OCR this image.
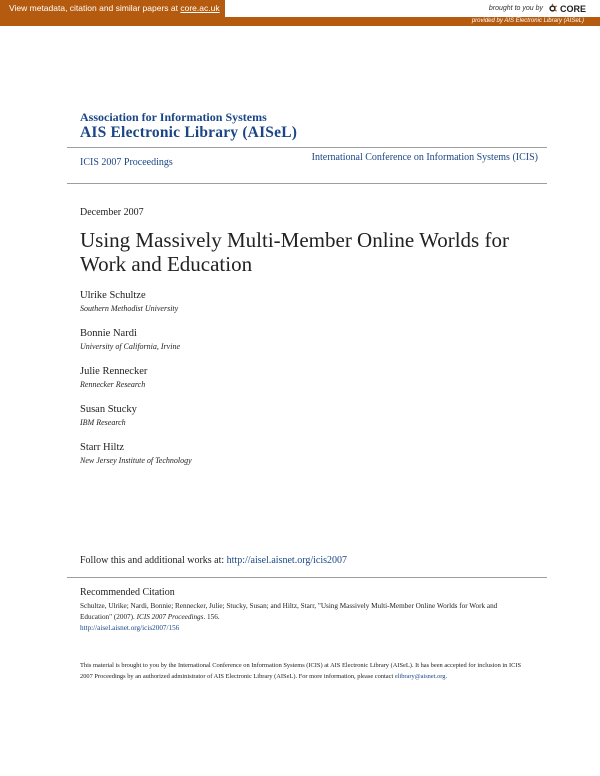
View metadata, citation and similar papers at core.ac.uk	brought to you by CORE
provided by AIS Electronic Library (AISeL)
Association for Information Systems
AIS Electronic Library (AISeL)
ICIS 2007 Proceedings	International Conference on Information Systems (ICIS)
December 2007
Using Massively Multi-Member Online Worlds for Work and Education
Ulrike Schultze
Southern Methodist University
Bonnie Nardi
University of California, Irvine
Julie Rennecker
Rennecker Research
Susan Stucky
IBM Research
Starr Hiltz
New Jersey Institute of Technology
Follow this and additional works at: http://aisel.aisnet.org/icis2007
Recommended Citation
Schultze, Ulrike; Nardi, Bonnie; Rennecker, Julie; Stucky, Susan; and Hiltz, Starr, "Using Massively Multi-Member Online Worlds for Work and Education" (2007). ICIS 2007 Proceedings. 156.
http://aisel.aisnet.org/icis2007/156
This material is brought to you by the International Conference on Information Systems (ICIS) at AIS Electronic Library (AISeL). It has been accepted for inclusion in ICIS 2007 Proceedings by an authorized administrator of AIS Electronic Library (AISeL). For more information, please contact elibrary@aisnet.org.
